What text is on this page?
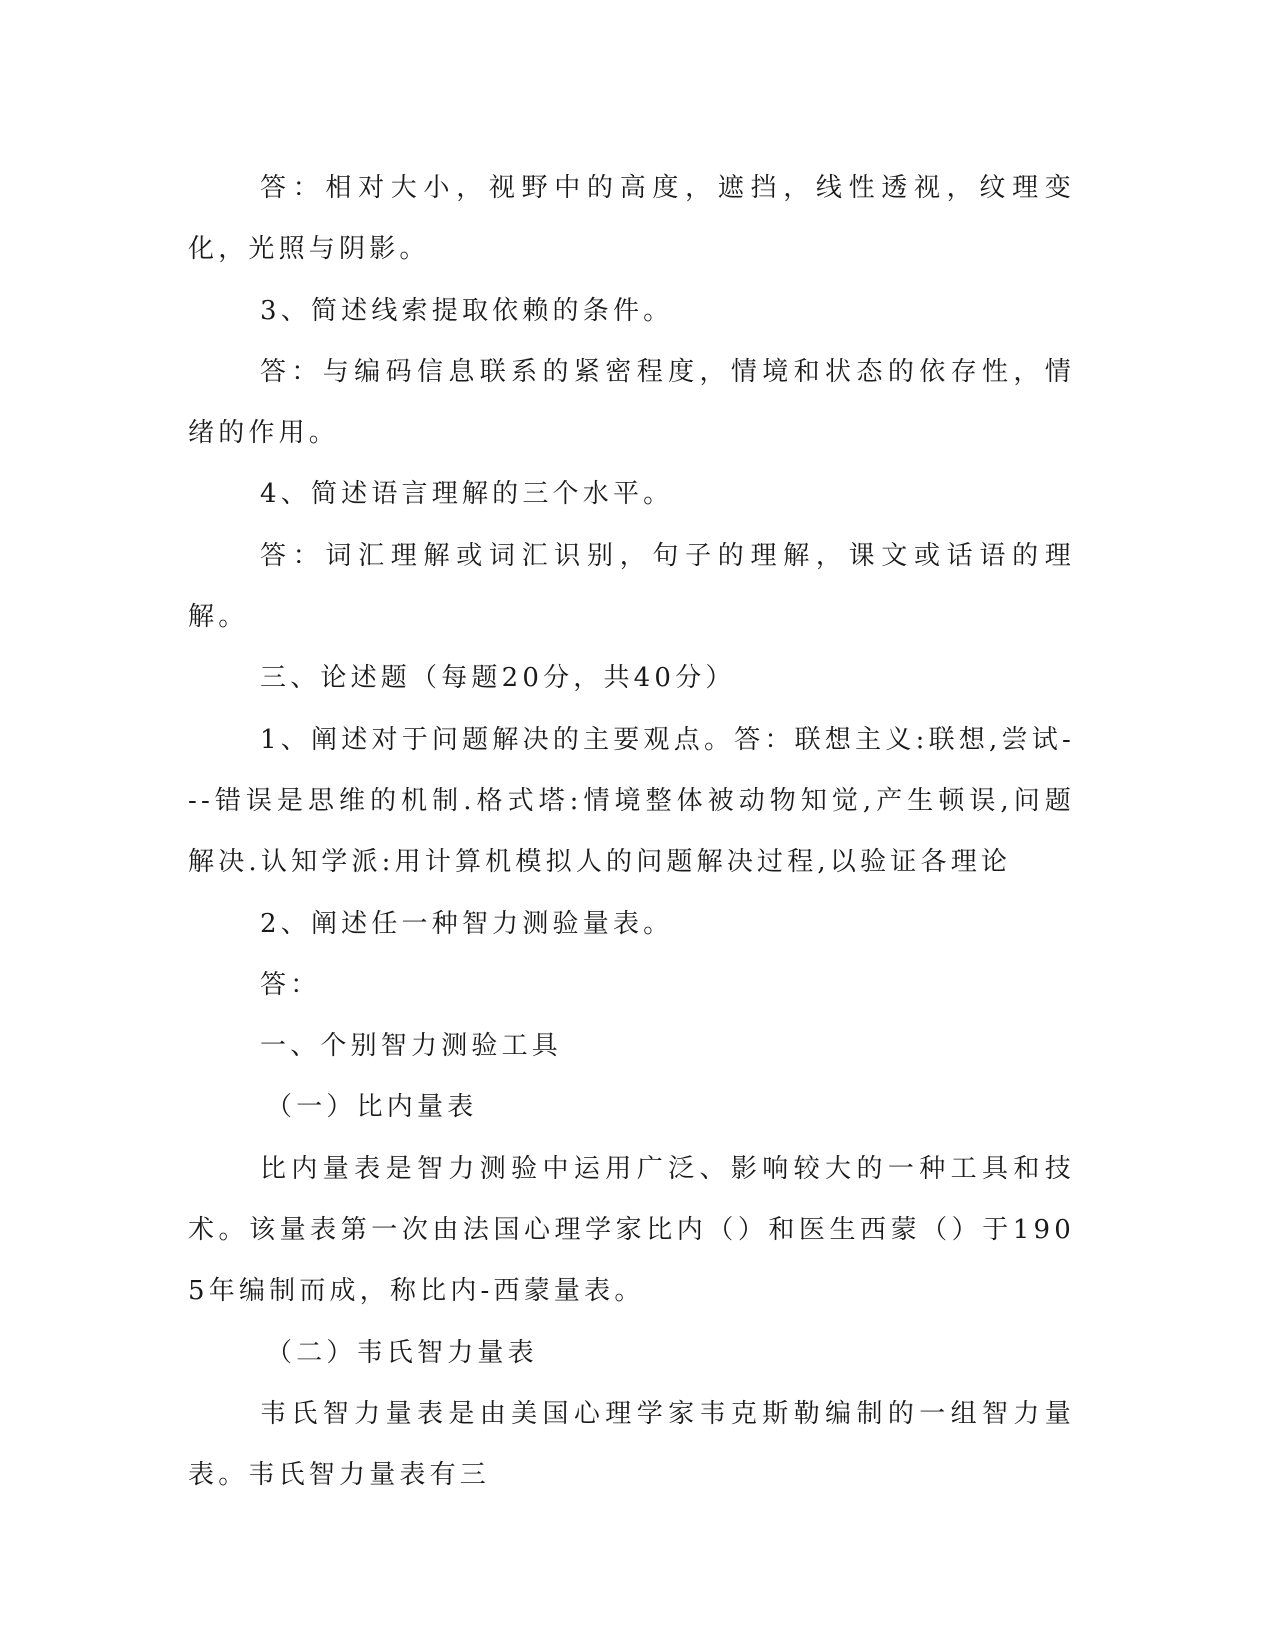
答：相对大小，视野中的高度，遮挡，线性透视，纹理变化，光照与阴影。

3、简述线索提取依赖的条件。

答：与编码信息联系的紧密程度，情境和状态的依存性，情绪的作用。

4、简述语言理解的三个水平。

答：词汇理解或词汇识别，句子的理解，课文或话语的理解。

三、论述题（每题20分，共40分）

1、阐述对于问题解决的主要观点。答：联想主义:联想,尝试---错误是思维的机制.格式塔:情境整体被动物知觉,产生顿误,问题解决.认知学派:用计算机模拟人的问题解决过程,以验证各理论

2、阐述任一种智力测验量表。

答：

一、个别智力测验工具

（一）比内量表

比内量表是智力测验中运用广泛、影响较大的一种工具和技术。该量表第一次由法国心理学家比内（）和医生西蒙（）于1905年编制而成，称比内-西蒙量表。

（二）韦氏智力量表

韦氏智力量表是由美国心理学家韦克斯勒编制的一组智力量表。韦氏智力量表有三
